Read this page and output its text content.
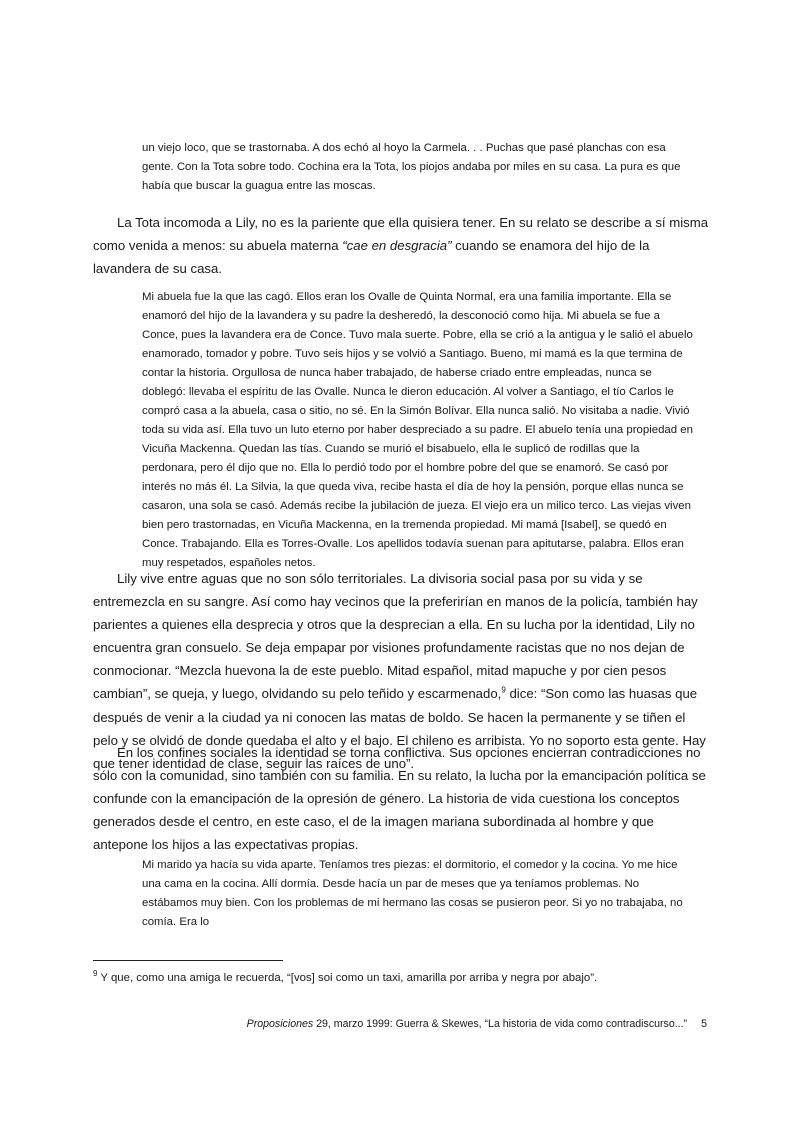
un viejo loco, que se trastornaba. A dos echó al hoyo la Carmela. . . Puchas que pasé planchas con esa gente. Con la Tota sobre todo. Cochina era la Tota, los piojos andaba por miles en su casa. La pura es que había que buscar la guagua entre las moscas.

La Tota incomoda a Lily, no es la pariente que ella quisiera tener. En su relato se describe a sí misma como venida a menos: su abuela materna “cae en desgracia” cuando se enamora del hijo de la lavandera de su casa.

Mi abuela fue la que las cagó. Ellos eran los Ovalle de Quinta Normal, era una familia importante. Ella se enamoró del hijo de la lavandera y su padre la desheredó, la desconoció como hija. Mi abuela se fue a Conce, pues la lavandera era de Conce. Tuvo mala suerte. Pobre, ella se crió a la antigua y le salió el abuelo enamorado, tomador y pobre. Tuvo seis hijos y se volvió a Santiago. Bueno, mi mamá es la que termina de contar la historia. Orgullosa de nunca haber trabajado, de haberse criado entre empleadas, nunca se doblegó: llevaba el espíritu de las Ovalle. Nunca le dieron educación. Al volver a Santiago, el tío Carlos le compró casa a la abuela, casa o sitio, no sé. En la Simón Bolívar. Ella nunca salió. No visitaba a nadie. Vivió toda su vida así. Ella tuvo un luto eterno por haber despreciado a su padre. El abuelo tenía una propiedad en Vicuña Mackenna. Quedan las tías. Cuando se murió el bisabuelo, ella le suplicó de rodillas que la perdonara, pero él dijo que no. Ella lo perdió todo por el hombre pobre del que se enamoró. Se casó por interés no más él. La Silvia, la que queda viva, recibe hasta el día de hoy la pensión, porque ellas nunca se casaron, una sola se casó. Además recibe la jubilación de jueza. El viejo era un milico terco. Las viejas viven bien pero trastornadas, en Vicuña Mackenna, en la tremenda propiedad. Mi mamá [Isabel], se quedó en Conce. Trabajando. Ella es Torres-Ovalle. Los apellidos todavía suenan para apitutarse, palabra. Ellos eran muy respetados, españoles netos.

Lily vive entre aguas que no son sólo territoriales. La divisoria social pasa por su vida y se entremezcla en su sangre. Así como hay vecinos que la preferirían en manos de la policía, también hay parientes a quienes ella desprecia y otros que la desprecian a ella. En su lucha por la identidad, Lily no encuentra gran consuelo. Se deja empapar por visiones profundamente racistas que no nos dejan de conmocionar. “Mezcla huevona la de este pueblo. Mitad español, mitad mapuche y por cien pesos cambian”, se queja, y luego, olvidando su pelo teñido y escarmenado,$^9$ dice: “Son como las huasas que después de venir a la ciudad ya ni conocen las matas de boldo. Se hacen la permanente y se tiñen el pelo y se olvidó de donde quedaba el alto y el bajo. El chileno es arribista. Yo no soporto esta gente. Hay que tener identidad de clase, seguir las raíces de uno”.

En los confines sociales la identidad se torna conflictiva. Sus opciones encierran contradicciones no sólo con la comunidad, sino también con su familia. En su relato, la lucha por la emancipación política se confunde con la emancipación de la opresión de género. La historia de vida cuestiona los conceptos generados desde el centro, en este caso, el de la imagen mariana subordinada al hombre y que antepone los hijos a las expectativas propias.

Mi marido ya hacía su vida aparte. Teníamos tres piezas: el dormitorio, el comedor y la cocina. Yo me hice una cama en la cocina. Allí dormía. Desde hacía un par de meses que ya teníamos problemas. No estábamos muy bien. Con los problemas de mi hermano las cosas se pusieron peor. Si yo no trabajaba, no comía. Era lo

$^9$ Y que, como una amiga le recuerda, “[vos] soi como un taxi, amarilla por arriba y negra por abajo”.

Proposiciones 29, marzo 1999: Guerra & Skewes, “La historia de vida como contradiscurso...” 5
